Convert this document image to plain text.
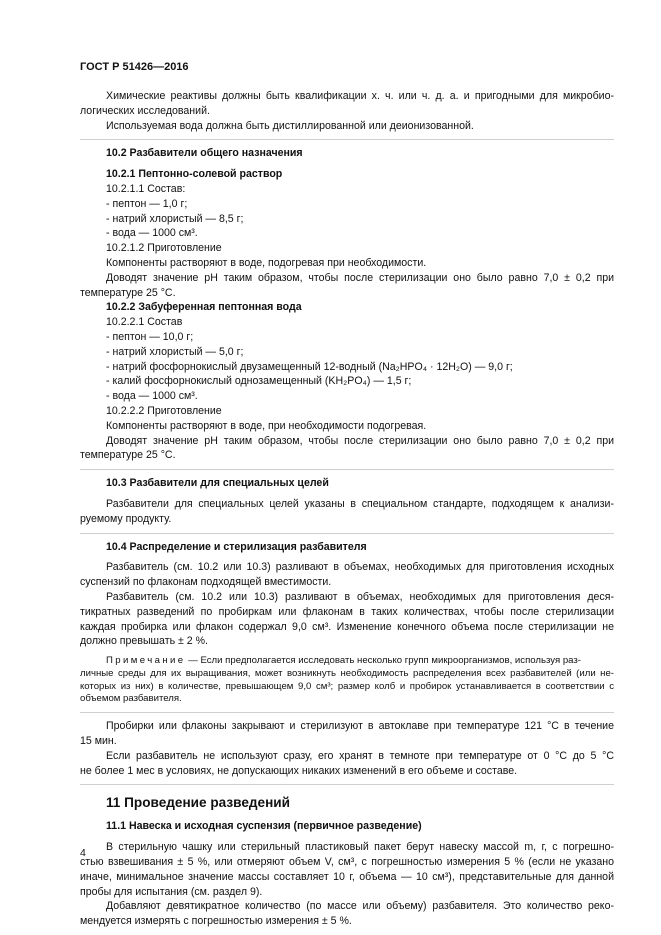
ГОСТ Р 51426—2016
Химические реактивы должны быть квалификации х. ч. или ч. д. а. и пригодными для микробио-
логических исследований.
Используемая вода должна быть дистиллированной или деионизованной.
10.2 Разбавители общего назначения
10.2.1 Пептонно-солевой раствор
10.2.1.1 Состав:
- пептон — 1,0 г;
- натрий хлористый — 8,5 г;
- вода — 1000 см³.
10.2.1.2 Приготовление
Компоненты растворяют в воде, подогревая при необходимости.
Доводят значение pH таким образом, чтобы после стерилизации оно было равно 7,0 ± 0,2 при
температуре 25 °C.
10.2.2 Забуференная пептонная вода
10.2.2.1 Состав
- пептон — 10,0 г;
- натрий хлористый — 5,0 г;
- натрий фосфорнокислый двузамещенный 12-водный (Na₂HPO₄ · 12H₂O) — 9,0 г;
- калий фосфорнокислый однозамещенный (KH₂PO₄) — 1,5 г;
- вода — 1000 см³.
10.2.2.2 Приготовление
Компоненты растворяют в воде, при необходимости подогревая.
Доводят значение pH таким образом, чтобы после стерилизации оно было равно 7,0 ± 0,2 при
температуре 25 °C.
10.3 Разбавители для специальных целей
Разбавители для специальных целей указаны в специальном стандарте, подходящем к анализи-
руемому продукту.
10.4 Распределение и стерилизация разбавителя
Разбавитель (см. 10.2 или 10.3) разливают в объемах, необходимых для приготовления исходных
суспензий по флаконам подходящей вместимости.
Разбавитель (см. 10.2 или 10.3) разливают в объемах, необходимых для приготовления деся-
тикратных разведений по пробиркам или флаконам в таких количествах, чтобы после стерилизации
каждая пробирка или флакон содержал 9,0 см³. Изменение конечного объема после стерилизации не
должно превышать ± 2 %.
Примечание — Если предполагается исследовать несколько групп микроорганизмов, используя раз-
личные среды для их выращивания, может возникнуть необходимость распределения всех разбавителей (или не-
которых из них) в количестве, превышающем 9,0 см³; размер колб и пробирок устанавливается в соответствии с
объемом разбавителя.
Пробирки или флаконы закрывают и стерилизуют в автоклаве при температуре 121 °C в течение
15 мин.
Если разбавитель не используют сразу, его хранят в темноте при температуре от 0 °C до 5 °C
не более 1 мес в условиях, не допускающих никаких изменений в его объеме и составе.
11 Проведение разведений
11.1 Навеска и исходная суспензия (первичное разведение)
В стерильную чашку или стерильный пластиковый пакет берут навеску массой m, г, с погрешно-
стью взвешивания ± 5 %, или отмеряют объем V, см³, с погрешностью измерения 5 % (если не указано
иначе, минимальное значение массы составляет 10 г, объема — 10 см³), представительные для данной
пробы для испытания (см. раздел 9).
Добавляют девятикратное количество (по массе или объему) разбавителя. Это количество реко-
мендуется измерять с погрешностью измерения ± 5 %.
4
